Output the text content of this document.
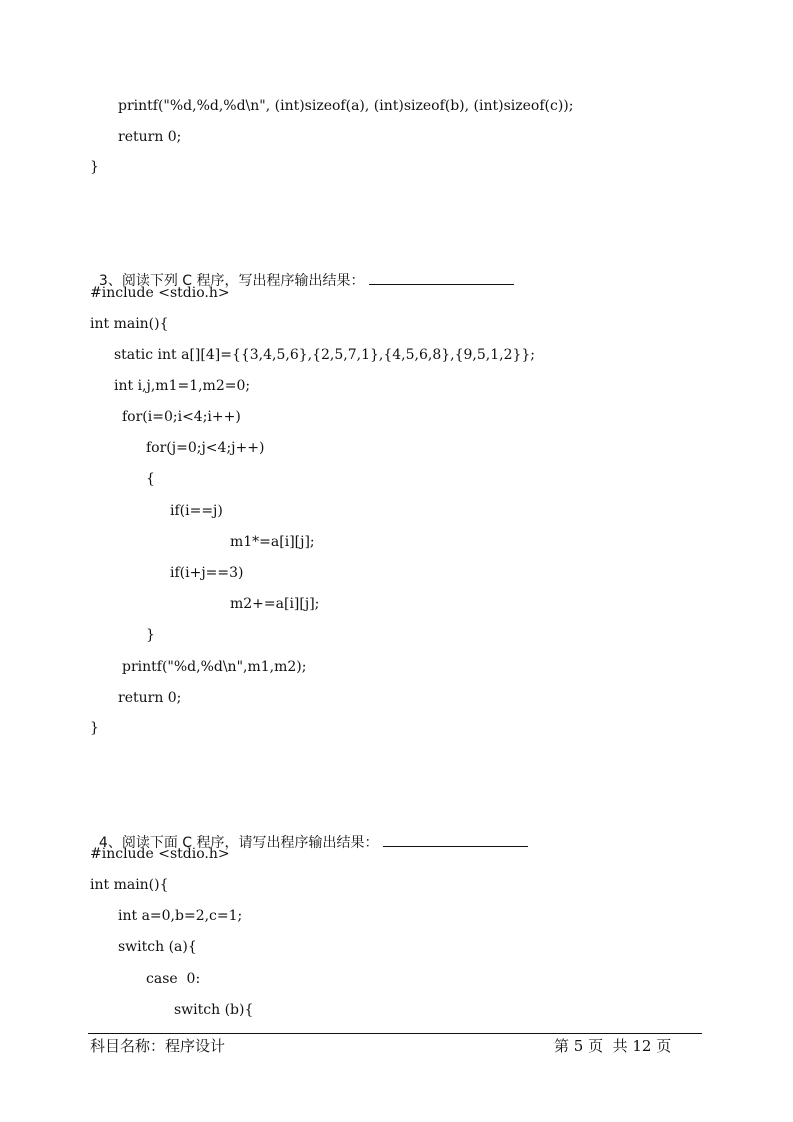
printf("%d,%d,%d\n", (int)sizeof(a), (int)sizeof(b), (int)sizeof(c));
return 0;
}

3、阅读下列 C 程序，写出程序输出结果：

#include <stdio.h>
int main(){
static int a[][4]={{3,4,5,6},{2,5,7,1},{4,5,6,8},{9,5,1,2}};
int i,j,m1=1,m2=0;
for(i=0;i<4;i++)
for(j=0;j<4;j++)
{
if(i==j)
m1*=a[i][j];
if(i+j==3)
m2+=a[i][j];
}
printf("%d,%d\n",m1,m2);
return 0;
}

4、阅读下面 C 程序，请写出程序输出结果：

#include <stdio.h>
int main(){
int a=0,b=2,c=1;
switch (a){
case  0:
switch (b){
科目名称：程序设计	第 5 页  共 12 页
